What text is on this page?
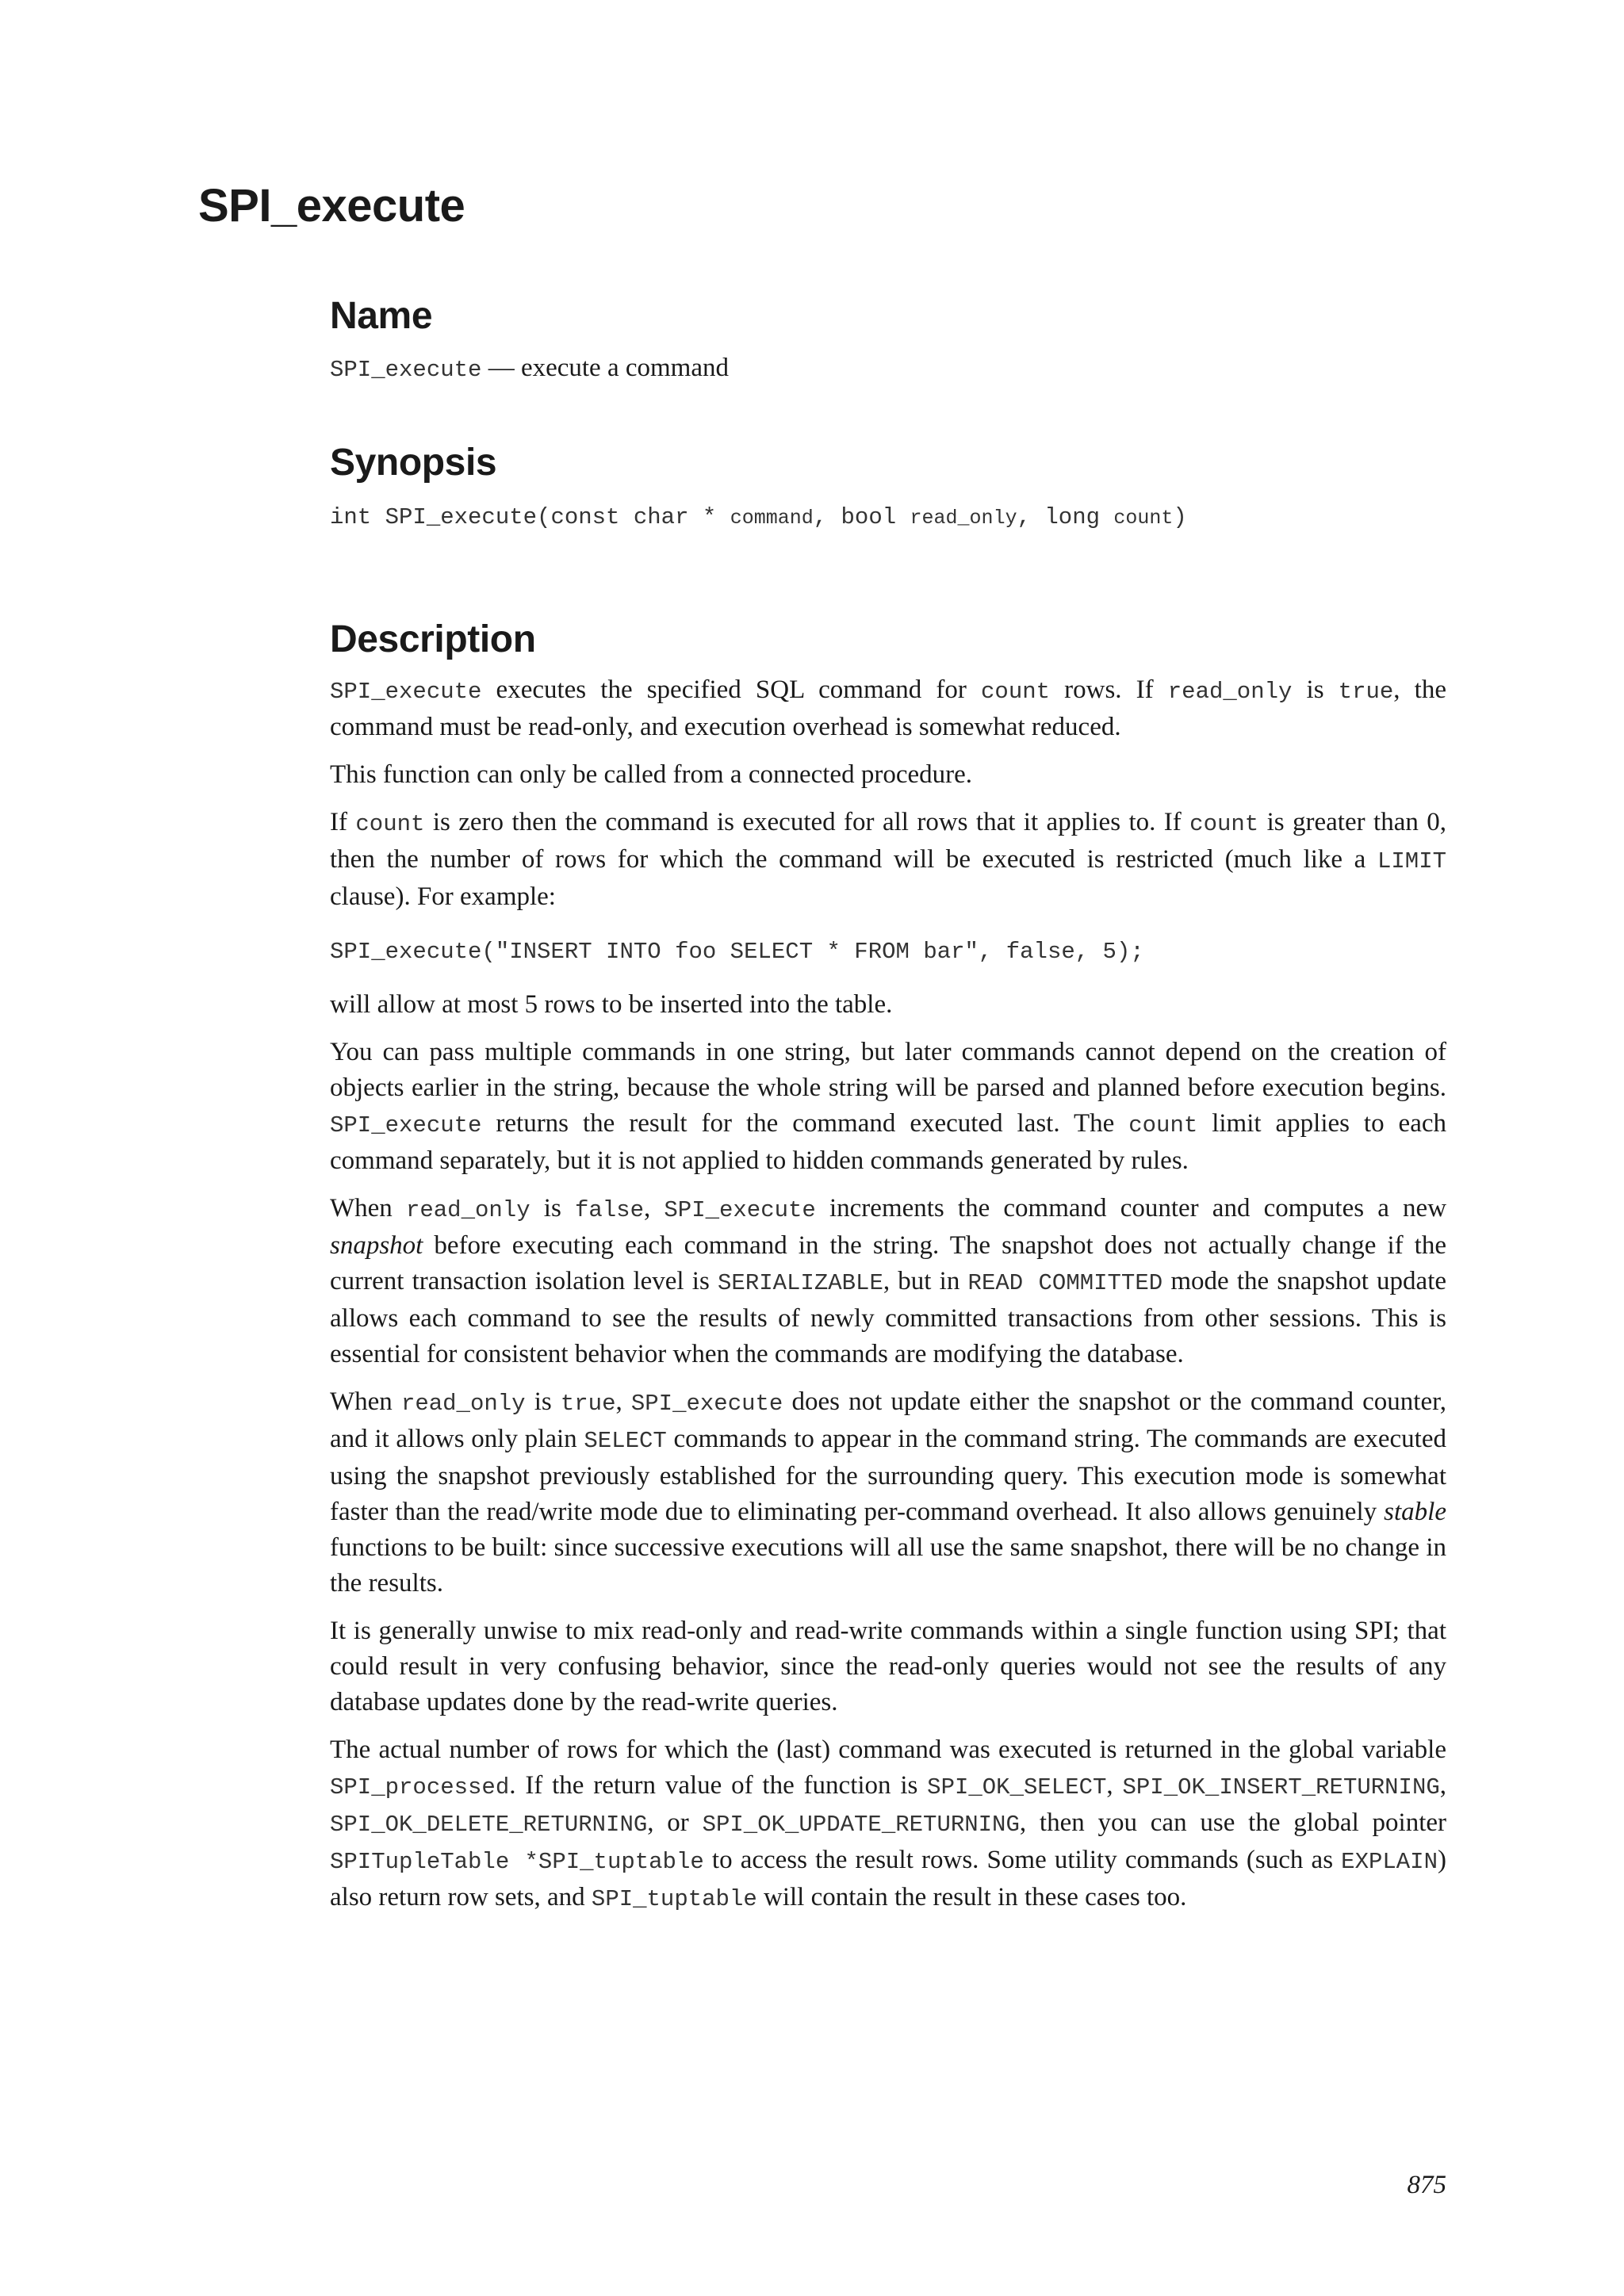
SPI_execute
Name

SPI_execute — execute a command

Synopsis

int SPI_execute(const char * command, bool read_only, long count)

Description

SPI_execute executes the specified SQL command for count rows. If read_only is true, the command must be read-only, and execution overhead is somewhat reduced.

This function can only be called from a connected procedure.

If count is zero then the command is executed for all rows that it applies to. If count is greater than 0, then the number of rows for which the command will be executed is restricted (much like a LIMIT clause). For example:

SPI_execute("INSERT INTO foo SELECT * FROM bar", false, 5);

will allow at most 5 rows to be inserted into the table.

You can pass multiple commands in one string, but later commands cannot depend on the creation of objects earlier in the string, because the whole string will be parsed and planned before execution begins. SPI_execute returns the result for the command executed last. The count limit applies to each command separately, but it is not applied to hidden commands generated by rules.

When read_only is false, SPI_execute increments the command counter and computes a new snapshot before executing each command in the string. The snapshot does not actually change if the current transaction isolation level is SERIALIZABLE, but in READ COMMITTED mode the snapshot update allows each command to see the results of newly committed transactions from other sessions. This is essential for consistent behavior when the commands are modifying the database.

When read_only is true, SPI_execute does not update either the snapshot or the command counter, and it allows only plain SELECT commands to appear in the command string. The commands are executed using the snapshot previously established for the surrounding query. This execution mode is somewhat faster than the read/write mode due to eliminating per-command overhead. It also allows genuinely stable functions to be built: since successive executions will all use the same snapshot, there will be no change in the results.

It is generally unwise to mix read-only and read-write commands within a single function using SPI; that could result in very confusing behavior, since the read-only queries would not see the results of any database updates done by the read-write queries.

The actual number of rows for which the (last) command was executed is returned in the global variable SPI_processed. If the return value of the function is SPI_OK_SELECT, SPI_OK_INSERT_RETURNING, SPI_OK_DELETE_RETURNING, or SPI_OK_UPDATE_RETURNING, then you can use the global pointer SPITupleTable *SPI_tuptable to access the result rows. Some utility commands (such as EXPLAIN) also return row sets, and SPI_tuptable will contain the result in these cases too.

875
